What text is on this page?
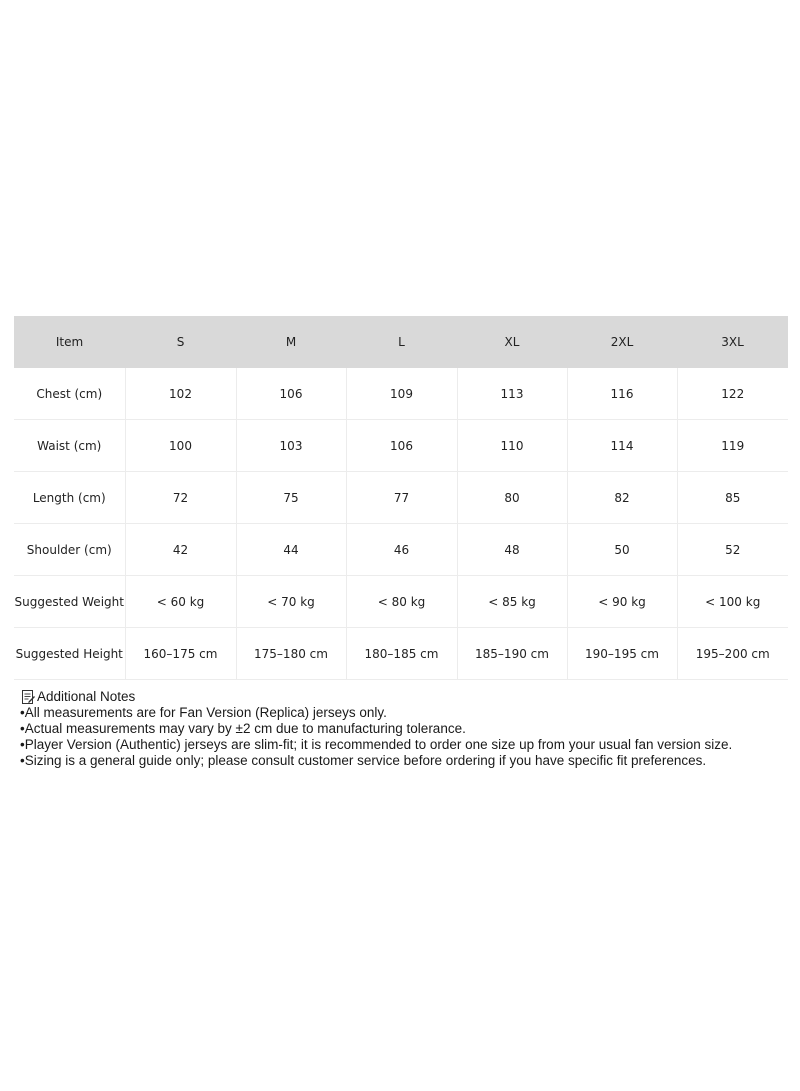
Item	S	M	L	XL	2XL	3XL
Chest (cm)	102	106	109	113	116	122
Waist (cm)	100	103	106	110	114	119
Length (cm)	72	75	77	80	82	85
Shoulder (cm)	42	44	46	48	50	52
Suggested Weight	< 60 kg	< 70 kg	< 80 kg	< 85 kg	< 90 kg	< 100 kg
Suggested Height	160–175 cm	175–180 cm	180–185 cm	185–190 cm	190–195 cm	195–200 cm
Additional Notes
•All measurements are for Fan Version (Replica) jerseys only.
•Actual measurements may vary by ±2 cm due to manufacturing tolerance.
•Player Version (Authentic) jerseys are slim-fit; it is recommended to order one size up from your usual fan version size.
•Sizing is a general guide only; please consult customer service before ordering if you have specific fit preferences.
